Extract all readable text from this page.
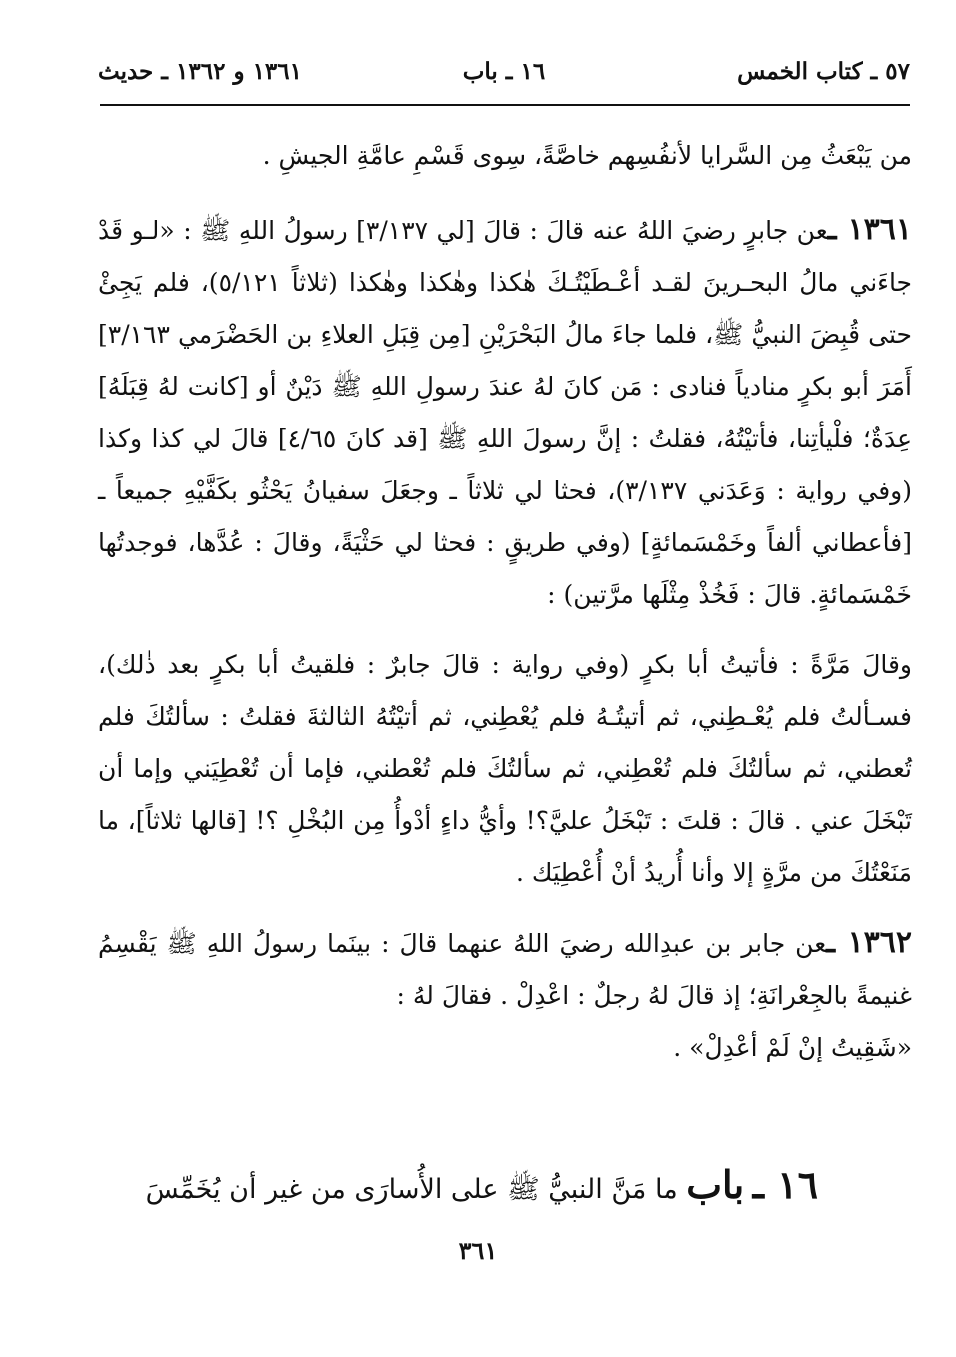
٥٧ ـ كتاب الخمس
١٦ ـ باب
١٣٦١ و ١٣٦٢ ـ حديث

من يَبْعَثُ مِن السَّرايا لأنفُسِهم خاصَّةً، سِوى قَسْمِ عامَّةِ الجيشِ .

١٣٦١ ـعن جابرٍ رضيَ اللهُ عنه قالَ : قالَ [لي ٣/١٣٧] رسولُ اللهِ ﷺ : «لـو قَدْ جاءَني مالُ البحـرينَ لقـد أعْـطَيْتُـكَ هٰكذا وهٰكذا وهٰكذا (ثلاثاً ٥/١٢١)، فلم يَجِئْ حتى قُبِضَ النبيُّ ﷺ، فلما جاءَ مالُ البَحْرَيْنِ [مِن قِبَلِ العلاءِ بن الحَضْرَمي ٣/١٦٣] أَمَرَ أبو بكرٍ منادياً فنادى : مَن كانَ لهُ عندَ رسولِ اللهِ ﷺ دَيْنٌ أو [كانت لهُ قِبَلَهُ] عِدَةٌ؛ فلْيأتِنا، فأتيْتُهُ، فقلتُ : إنَّ رسولَ اللهِ ﷺ [قد كانَ ٤/٦٥] قالَ لي كذا وكذا (وفي رواية : وَعَدَني ٣/١٣٧)، فحثا لي ثلاثاً ـ وجعَلَ سفيانُ يَحْثُو بكَفَّيْهِ جميعاً ـ [فأعطاني ألفاً وخَمْسَمائةٍ] (وفي طريقٍ : فحثا لي حَثْيَةً، وقالَ : عُدَّها، فوجدتُها خَمْسَمائةٍ. قالَ : فَخُذْ مِثْلَها مرَّتين) :

وقالَ مَرَّةً : فأتيتُ أبا بكرٍ (وفي رواية : قالَ جابرٌ : فلقيتُ أبا بكرٍ بعد ذٰلك)، فسـألتُ فلم يُعْـطِني، ثم أتيتُـهُ فلم يُعْطِني، ثم أتيْتُهُ الثالثةَ فقلتُ : سألتُكَ فلم تُعطني، ثم سألتُكَ فلم تُعْطِني، ثم سألتُكَ فلم تُعْطني، فإما أن تُعْطِيَني وإما أن تَبْخَلَ عني . قالَ : قلتَ : تَبْخَلُ عليَّ؟! وأيُّ داءٍ أدْوأُ مِن البُخْلِ ؟! [قالها ثلاثاً]، ما مَنَعْتُكَ من مرَّةٍ إلا وأنا أُريدُ أنْ أُعْطِيَك .

١٣٦٢ ـعن جابر بن عبدِالله رضيَ اللهُ عنهما قالَ : بينَما رسولُ اللهِ ﷺ يَقْسِمُ غنيمةً بالجِعْرانَةِ؛ إذ قالَ لهُ رجلٌ : اعْدِلْ . فقالَ لهُ :

«شَقِيتُ إنْ لَمْ أعْدِلْ» .

١٦ ـ باب ما مَنَّ النبيُّ ﷺ على الأُسارَى من غير أن يُخَمِّسَ
٣٦١
